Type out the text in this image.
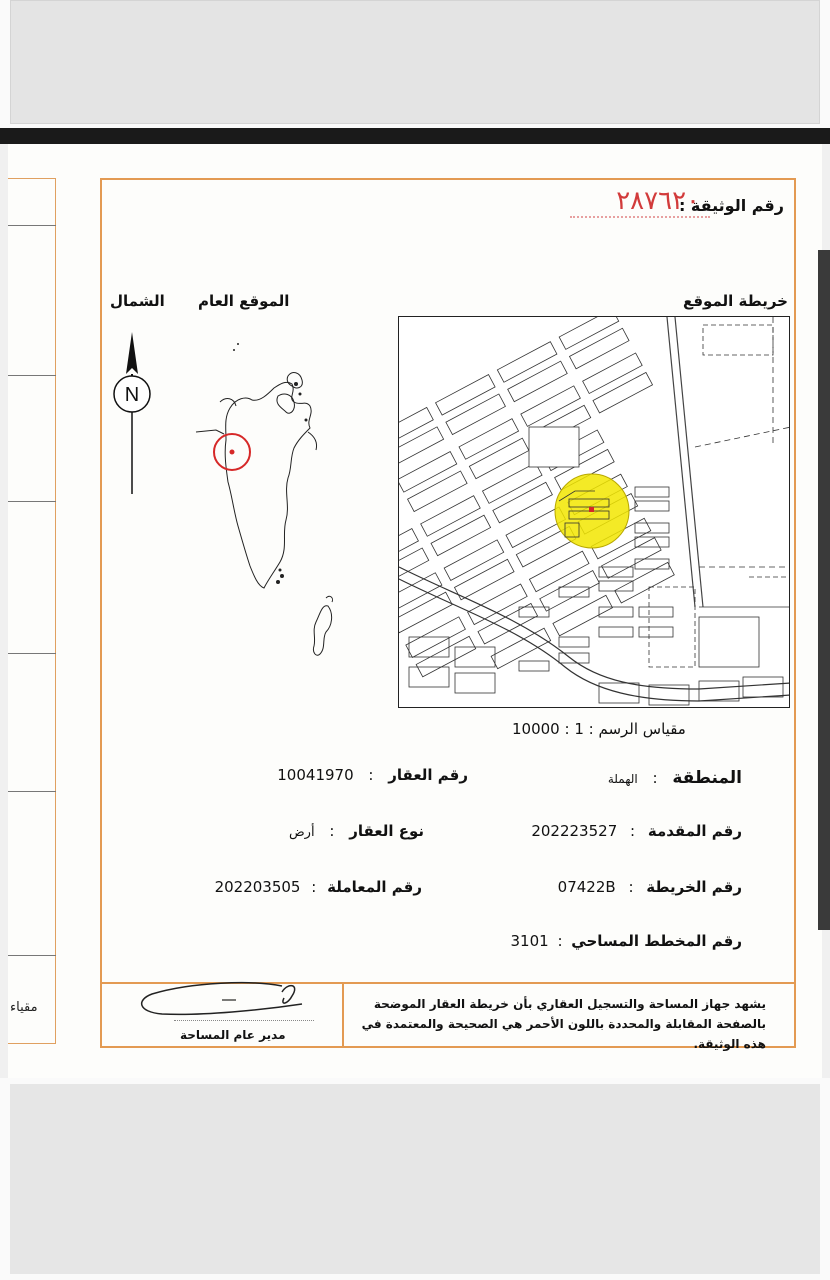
مقياء
رقم الوثيقة :
٢٨٧٦٢٠
خريطة الموقع
الموقع العام
الشمال
N
مقياس الرسم : 1 : 10000
المنطقة : الهملة
رقم العقار : 10041970
رقم المقدمة : 202223527
نوع العقار : أرض
رقم الخريطة : 07422B
رقم المعاملة : 202203505
رقم المخطط المساحي : 3101
يشهد جهاز المساحة والتسجيل العقاري بأن خريطة العقار الموضحة بالصفحة المقابلة والمحددة باللون الأحمر هي الصحيحة والمعتمدة في هذه الوثيقة.
مدير عام المساحة
